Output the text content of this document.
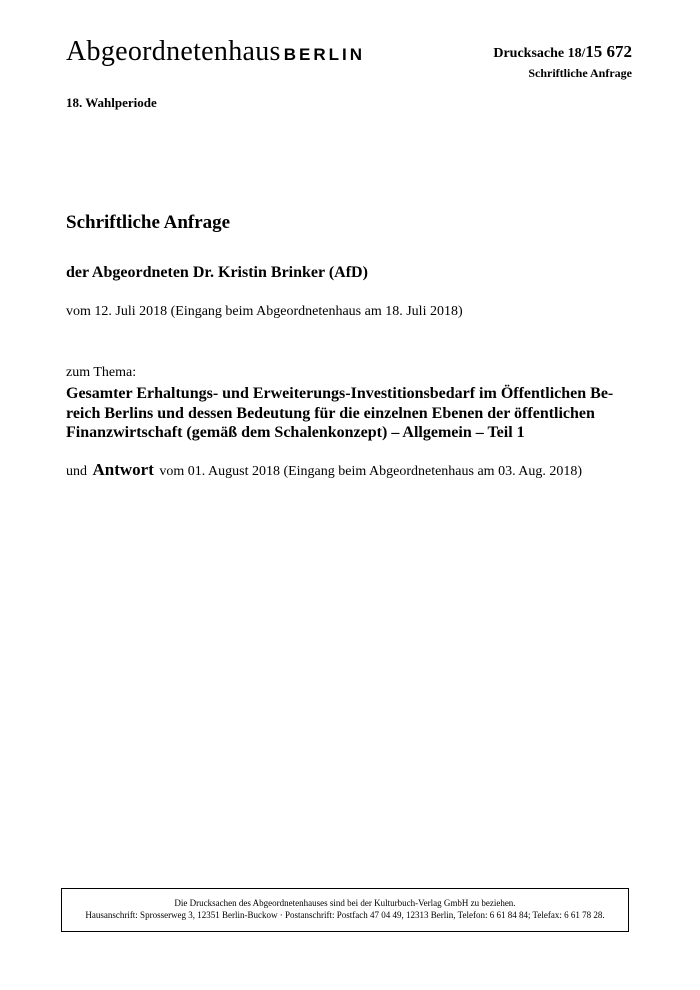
Abgeordnetenhaus BERLIN	Drucksache 18/15 672
Schriftliche Anfrage
18. Wahlperiode
Schriftliche Anfrage
der Abgeordneten Dr. Kristin Brinker (AfD)
vom 12. Juli 2018 (Eingang beim Abgeordnetenhaus am 18. Juli 2018)
zum Thema:
Gesamter Erhaltungs- und Erweiterungs-Investitionsbedarf im Öffentlichen Be-
reich Berlins und dessen Bedeutung für die einzelnen Ebenen der öffentlichen
Finanzwirtschaft (gemäß dem Schalenkonzept) – Allgemein – Teil 1
und Antwort vom 01. August 2018 (Eingang beim Abgeordnetenhaus am 03. Aug. 2018)
Die Drucksachen des Abgeordnetenhauses sind bei der Kulturbuch-Verlag GmbH zu beziehen.
Hausanschrift: Sprosserweg 3, 12351 Berlin-Buckow · Postanschrift: Postfach 47 04 49, 12313 Berlin, Telefon: 6 61 84 84; Telefax: 6 61 78 28.
